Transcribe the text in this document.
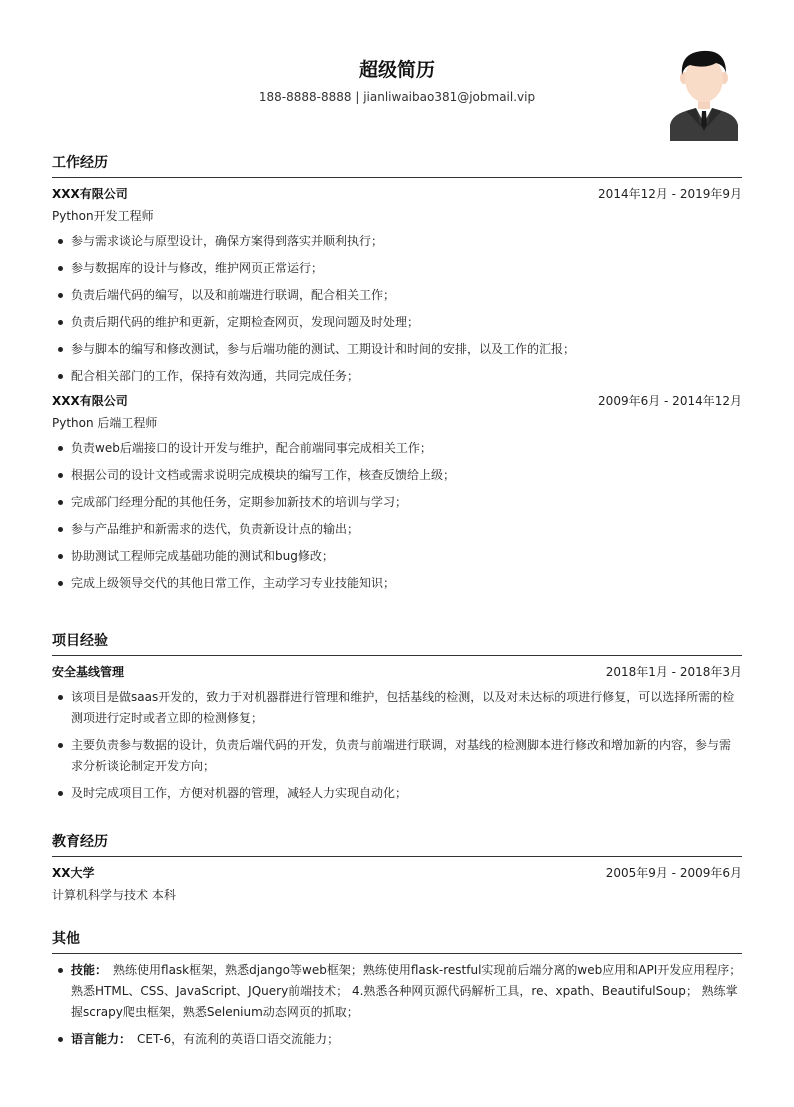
超级简历
188-8888-8888 | jianliwaibao381@jobmail.vip
工作经历
XXX有限公司	2014年12月 - 2019年9月
Python开发工程师
参与需求谈论与原型设计，确保方案得到落实并顺利执行；
参与数据库的设计与修改，维护网页正常运行；
负责后端代码的编写，以及和前端进行联调，配合相关工作；
负责后期代码的维护和更新，定期检查网页，发现问题及时处理；
参与脚本的编写和修改测试，参与后端功能的测试、工期设计和时间的安排，以及工作的汇报；
配合相关部门的工作，保持有效沟通，共同完成任务；
XXX有限公司	2009年6月 - 2014年12月
Python 后端工程师
负责web后端接口的设计开发与维护，配合前端同事完成相关工作；
根据公司的设计文档或需求说明完成模块的编写工作，核查反馈给上级；
完成部门经理分配的其他任务，定期参加新技术的培训与学习；
参与产品维护和新需求的迭代，负责新设计点的输出；
协助测试工程师完成基础功能的测试和bug修改；
完成上级领导交代的其他日常工作，主动学习专业技能知识；
项目经验
安全基线管理	2018年1月 - 2018年3月
该项目是做saas开发的，致力于对机器群进行管理和维护，包括基线的检测，以及对未达标的项进行修复，可以选择所需的检测项进行定时或者立即的检测修复；
主要负责参与数据的设计，负责后端代码的开发，负责与前端进行联调，对基线的检测脚本进行修改和增加新的内容，参与需求分析谈论制定开发方向；
及时完成项目工作，方便对机器的管理，减轻人力实现自动化；
教育经历
XX大学	2005年9月 - 2009年6月
计算机科学与技术 本科
其他
技能： 熟练使用flask框架，熟悉django等web框架；熟练使用flask-restful实现前后端分离的web应用和API开发应用程序；熟悉HTML、CSS、JavaScript、JQuery前端技术； 4.熟悉各种网页源代码解析工具，re、xpath、BeautifulSoup； 熟练掌握scrapy爬虫框架，熟悉Selenium动态网页的抓取；
语言能力： CET-6，有流利的英语口语交流能力；
